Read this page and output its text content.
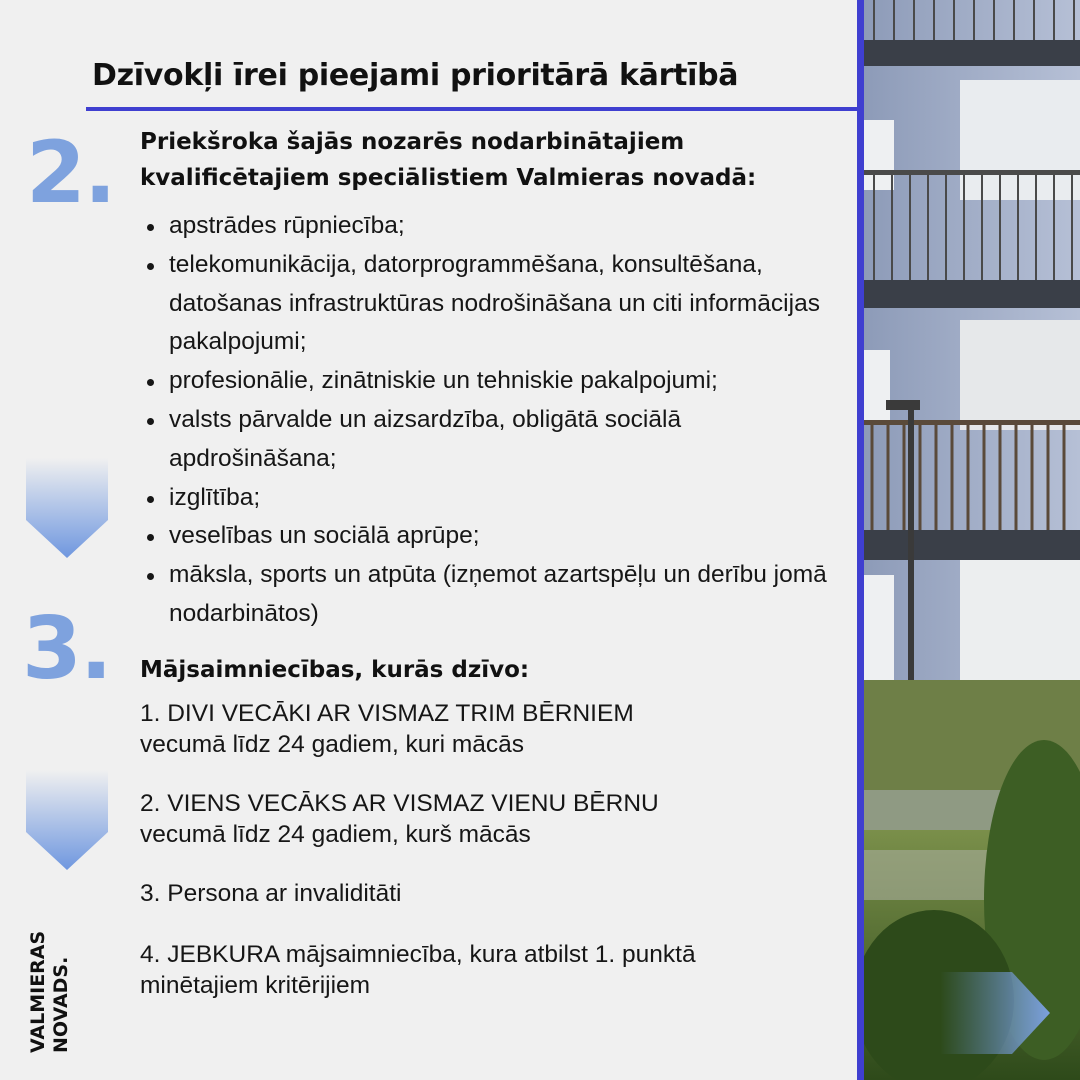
Dzīvokļi īrei pieejami prioritārā kārtībā
2. Priekšroka šajās nozarēs nodarbinātajiem
kvalificētajiem speciālistiem Valmieras novadā:

apstrādes rūpniecība;
telekomunikācija, datorprogrammēšana, konsultēšana, datošanas infrastruktūras nodrošināšana un citi informācijas pakalpojumi;
profesionālie, zinātniskie un tehniskie pakalpojumi;
valsts pārvalde un aizsardzība, obligātā sociālā apdrošināšana;
izglītība;
veselības un sociālā aprūpe;
māksla, sports un atpūta (izņemot azartspēļu un derību jomā nodarbinātos)
3. Mājsaimniecības, kurās dzīvo:

1. DIVI VECĀKI AR VISMAZ TRIM BĒRNIEM
vecumā līdz 24 gadiem, kuri mācās

2. VIENS VECĀKS AR VISMAZ VIENU BĒRNU
vecumā līdz 24 gadiem, kurš mācās

3. Persona ar invaliditāti

4. JEBKURA mājsaimniecība, kura atbilst 1. punktā
minētajiem kritērijiem

VALMIERAS NOVADS.
